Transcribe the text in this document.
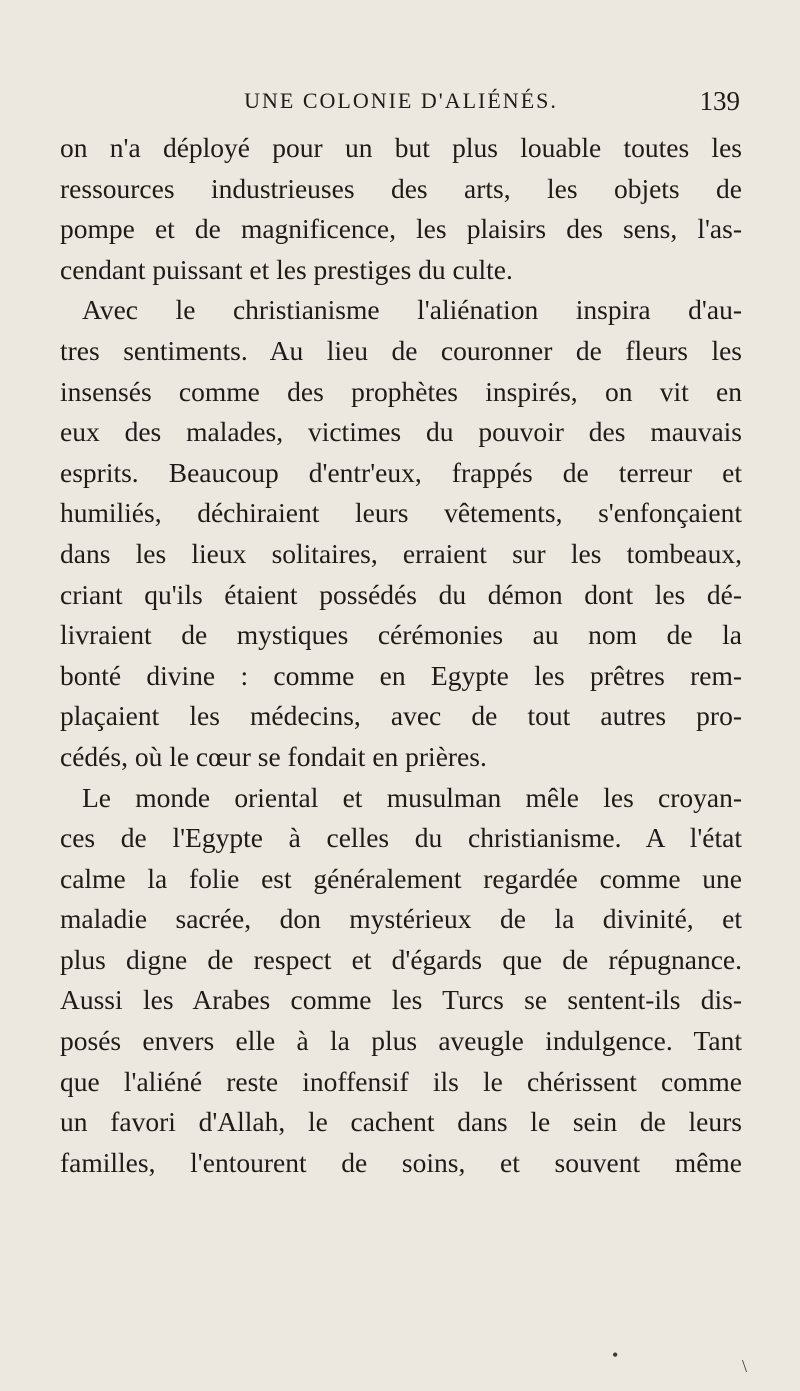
UNE COLONIE D'ALIÉNÉS.	139
on n'a déployé pour un but plus louable toutes les
ressources industrieuses des arts, les objets de
pompe et de magnificence, les plaisirs des sens, l'as-
cendant puissant et les prestiges du culte.
Avec le christianisme l'aliénation inspira d'au-
tres sentiments. Au lieu de couronner de fleurs les
insensés comme des prophètes inspirés, on vit en
eux des malades, victimes du pouvoir des mauvais
esprits. Beaucoup d'entr'eux, frappés de terreur et
humiliés, déchiraient leurs vêtements, s'enfonçaient
dans les lieux solitaires, erraient sur les tombeaux,
criant qu'ils étaient possédés du démon dont les dé-
livraient de mystiques cérémonies au nom de la
bonté divine : comme en Egypte les prêtres rem-
plaçaient les médecins, avec de tout autres pro-
cédés, où le cœur se fondait en prières.
Le monde oriental et musulman mêle les croyan-
ces de l'Egypte à celles du christianisme. A l'état
calme la folie est généralement regardée comme une
maladie sacrée, don mystérieux de la divinité, et
plus digne de respect et d'égards que de répugnance.
Aussi les Arabes comme les Turcs se sentent-ils dis-
posés envers elle à la plus aveugle indulgence. Tant
que l'aliéné reste inoffensif ils le chérissent comme
un favori d'Allah, le cachent dans le sein de leurs
familles, l'entourent de soins, et souvent même
•
\
